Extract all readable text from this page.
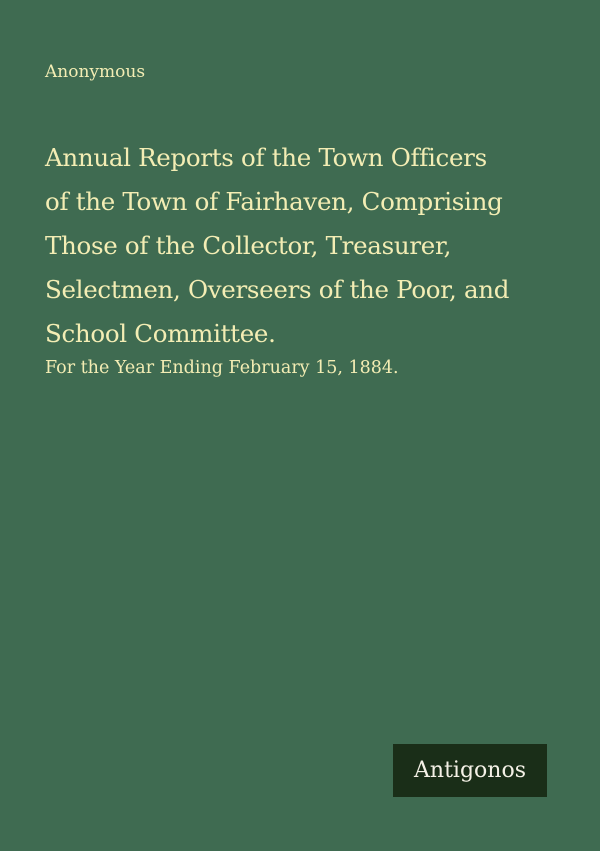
Anonymous
Annual Reports of the Town Officers
of the Town of Fairhaven, Comprising
Those of the Collector, Treasurer,
Selectmen, Overseers of the Poor, and
School Committee.
For the Year Ending February 15, 1884.
Antigonos
